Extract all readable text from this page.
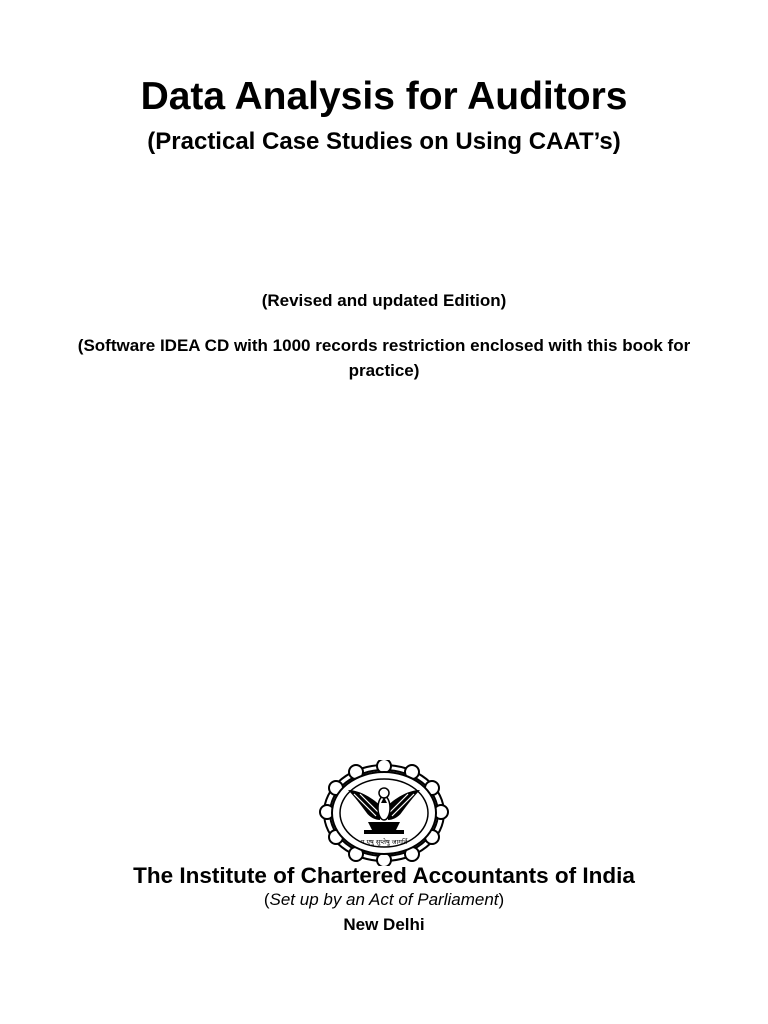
Data Analysis for Auditors
(Practical Case Studies on Using CAAT’s)
(Revised and updated Edition)
(Software IDEA CD with 1000 records restriction enclosed with this book for practice)
य एषु सुप्तेषु जागर्ति
The Institute of Chartered Accountants of India
(Set up by an Act of Parliament)
New Delhi
